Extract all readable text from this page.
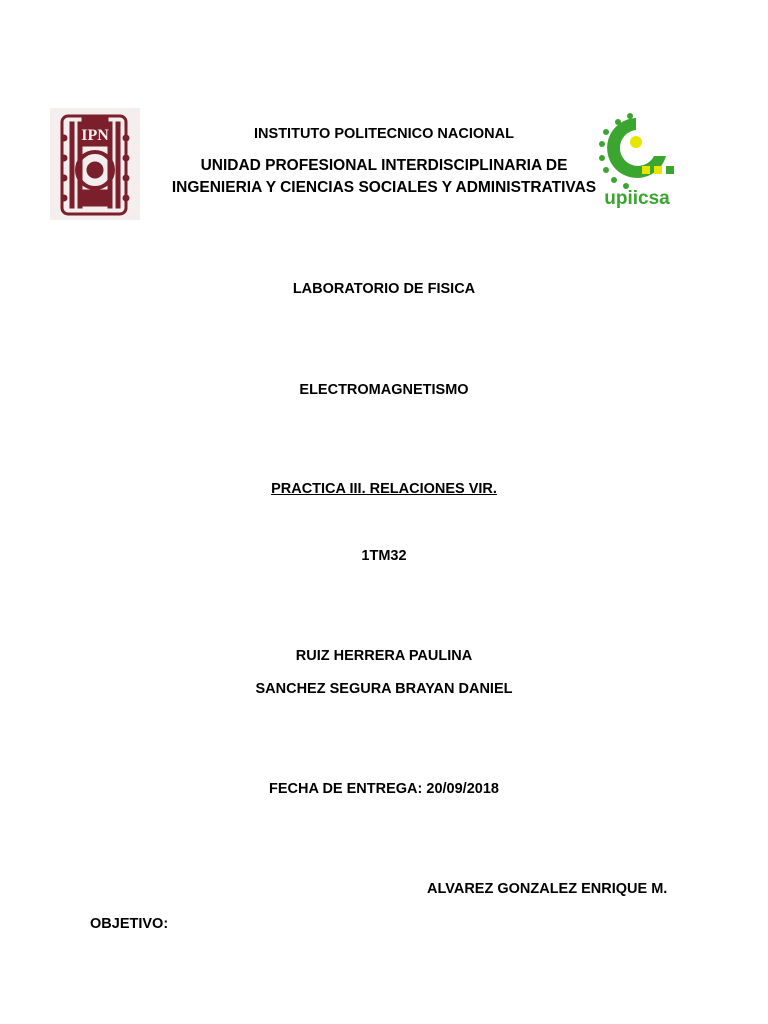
IPN
upiicsa
INSTITUTO POLITECNICO NACIONAL
UNIDAD PROFESIONAL INTERDISCIPLINARIA DE
INGENIERIA Y CIENCIAS SOCIALES Y ADMINISTRATIVAS
LABORATORIO DE FISICA
ELECTROMAGNETISMO
PRACTICA III. RELACIONES VIR.
1TM32
RUIZ HERRERA PAULINA
SANCHEZ SEGURA BRAYAN DANIEL
FECHA DE ENTREGA: 20/09/2018
ALVAREZ GONZALEZ ENRIQUE M.
OBJETIVO:
